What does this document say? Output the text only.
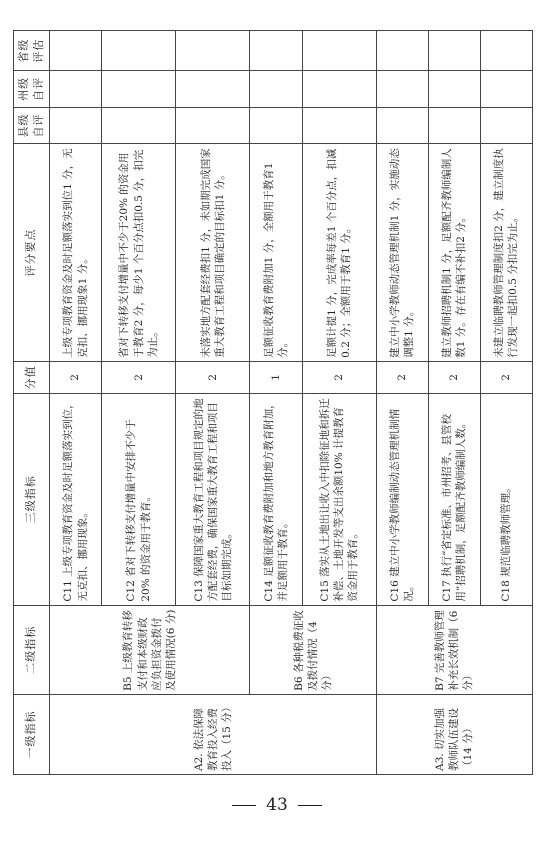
一级指标	二级指标	三级指标	分值	评分要点	县级自评	州级自评	省级评估
A2. 依法保障教育投入经费投入（15 分）	B5 上级教育转移支付和本级财政应负担资金拨付及使用情况(6 分)	C11 上级专项教育资金及时足额落实到位，无克扣、挪用现象。	2	上级专项教育资金及时足额落实到位1 分，无克扣、挪用现象1 分。			
		C12 省对下转移支付增量中安排不少于20% 的资金用于教育。	2	省对下转移支付增量中不少于20% 的资金用于教育2 分，每少1 个百分点扣0.5 分，扣完为止。			
		C13 保障国家重大教育工程和项目规定的地方配套经费，确保国家重大教育工程和项目目标如期完成。	2	未落实地方配套经费扣1 分，未如期完成国家重大教育工程和项目确定的目标扣1 分。			
	B6 各种税费征收及拨付情况（4 分）	C14 足额征收教育费附加和地方教育附加，并足额用于教育。	1	足额征收教育费附加1 分，全额用于教育1 分。			
		C15 落实从土地出让收入中扣除征地和拆迁补偿、土地开发等支出余额10% 计提教育资金用于教育。	2	足额计提1 分，完成率每差1 个百分点，扣减0.2 分；全额用于教育1 分。			
A3. 切实加强教师队伍建设（14 分）	B7 完善教师管理补充长效机制（6 分）	C16 建立中小学教师编制动态管理机制情况。	2	建立中小学教师动态管理机制1 分，实施动态调整1 分。			
		C17 执行“省定标准、市州招考、县管校用”招聘机制，足额配齐教师编制人数。	2	建立教师招聘机制1 分，足额配齐教师编制人数1 分。存在有编不补扣2 分。			
		C18 规范临聘教师管理。	2	未建立临聘教师管理制度扣2 分，建立制度执行发现一起扣0.5 分扣完为止。			
43
